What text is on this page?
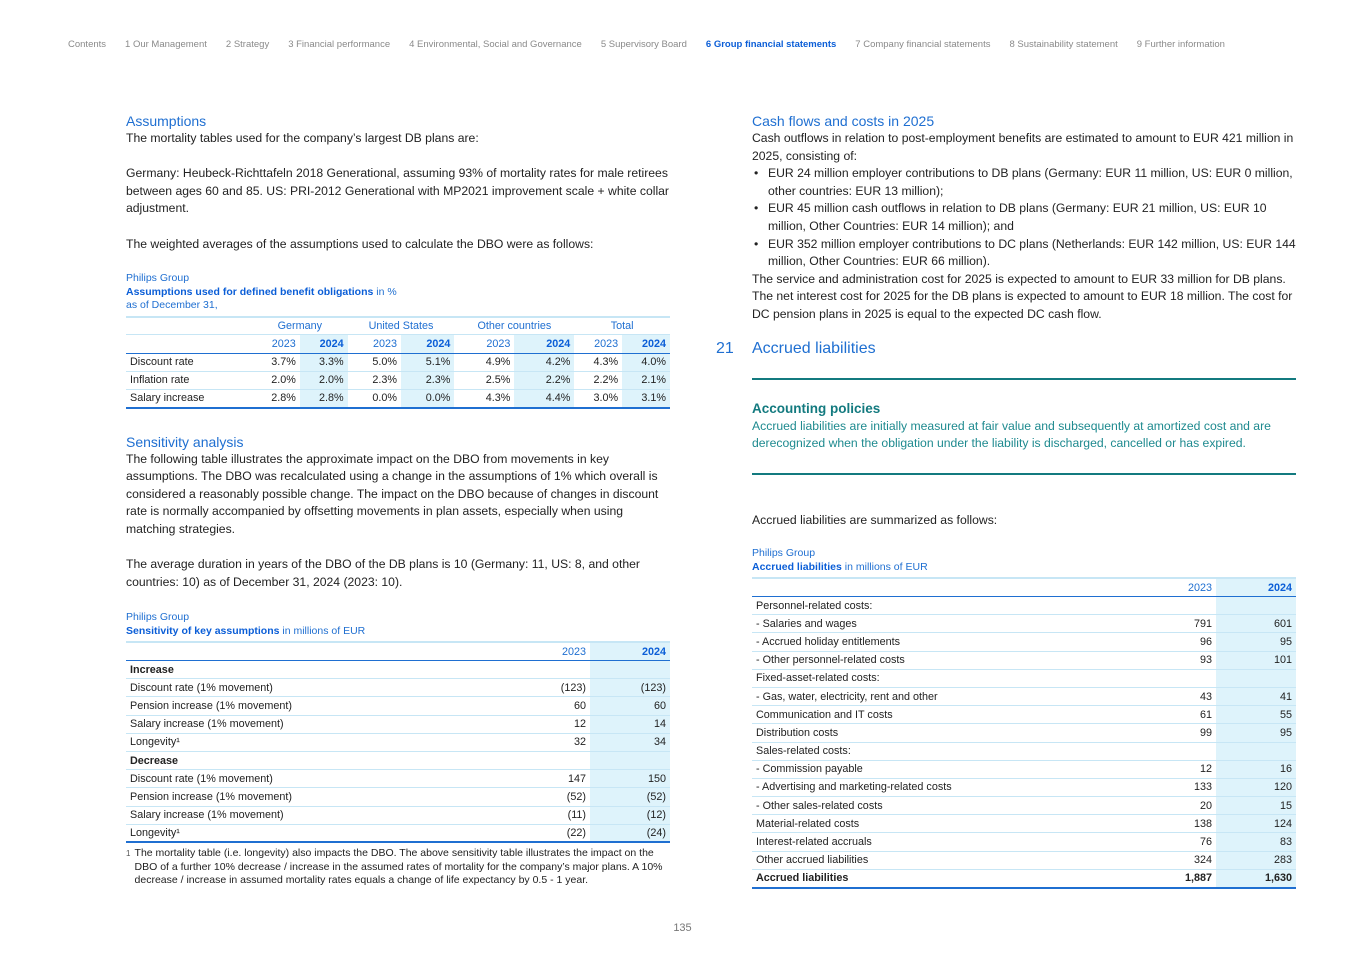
Contents 1 Our Management 2 Strategy 3 Financial performance 4 Environmental, Social and Governance 5 Supervisory Board 6 Group financial statements 7 Company financial statements 8 Sustainability statement 9 Further information
Assumptions

The mortality tables used for the company’s largest DB plans are:

Germany: Heubeck-Richttafeln 2018 Generational, assuming 93% of mortality rates for male retirees between ages 60 and 85. US: PRI-2012 Generational with MP2021 improvement scale + white collar adjustment.

The weighted averages of the assumptions used to calculate the DBO were as follows:

Philips Group
Assumptions used for defined benefit obligations in %
as of December 31,
	Germany		United States		Other countries		Total	
	2023	2024	2023	2024	2023	2024	2023	2024
Discount rate	3.7%	3.3%	5.0%	5.1%	4.9%	4.2%	4.3%	4.0%
Inflation rate	2.0%	2.0%	2.3%	2.3%	2.5%	2.2%	2.2%	2.1%
Salary increase	2.8%	2.8%	0.0%	0.0%	4.3%	4.4%	3.0%	3.1%
Sensitivity analysis

The following table illustrates the approximate impact on the DBO from movements in key assumptions. The DBO was recalculated using a change in the assumptions of 1% which overall is considered a reasonably possible change. The impact on the DBO because of changes in discount rate is normally accompanied by offsetting movements in plan assets, especially when using matching strategies.

The average duration in years of the DBO of the DB plans is 10 (Germany: 11, US: 8, and other countries: 10) as of December 31, 2024 (2023: 10).

Philips Group
Sensitivity of key assumptions in millions of EUR
	2023	2024
Increase		
Discount rate (1% movement)	(123)	(123)
Pension increase (1% movement)	60	60
Salary increase (1% movement)	12	14
Longevity¹	32	34
Decrease		
Discount rate (1% movement)	147	150
Pension increase (1% movement)	(52)	(52)
Salary increase (1% movement)	(11)	(12)
Longevity¹	(22)	(24)
1 The mortality table (i.e. longevity) also impacts the DBO. The above sensitivity table illustrates the impact on the DBO of a further 10% decrease / increase in the assumed rates of mortality for the company’s major plans. A 10% decrease / increase in assumed mortality rates equals a change of life expectancy by 0.5 - 1 year.
Cash flows and costs in 2025

Cash outflows in relation to post-employment benefits are estimated to amount to EUR 421 million in 2025, consisting of:

• EUR 24 million employer contributions to DB plans (Germany: EUR 11 million, US: EUR 0 million, other countries: EUR 13 million);
• EUR 45 million cash outflows in relation to DB plans (Germany: EUR 21 million, US: EUR 10 million, Other Countries: EUR 14 million); and
• EUR 352 million employer contributions to DC plans (Netherlands: EUR 142 million, US: EUR 144 million, Other Countries: EUR 66 million).

The service and administration cost for 2025 is expected to amount to EUR 33 million for DB plans. The net interest cost for 2025 for the DB plans is expected to amount to EUR 18 million. The cost for DC pension plans in 2025 is equal to the expected DC cash flow.

21	Accrued liabilities
Accounting policies
Accrued liabilities are initially measured at fair value and subsequently at amortized cost and are derecognized when the obligation under the liability is discharged, cancelled or has expired.

Accrued liabilities are summarized as follows:

Philips Group
Accrued liabilities in millions of EUR
	2023	2024
Personnel-related costs:		
- Salaries and wages	791	601
- Accrued holiday entitlements	96	95
- Other personnel-related costs	93	101
Fixed-asset-related costs:		
- Gas, water, electricity, rent and other	43	41
Communication and IT costs	61	55
Distribution costs	99	95
Sales-related costs:		
- Commission payable	12	16
- Advertising and marketing-related costs	133	120
- Other sales-related costs	20	15
Material-related costs	138	124
Interest-related accruals	76	83
Other accrued liabilities	324	283
Accrued liabilities	1,887	1,630
135
